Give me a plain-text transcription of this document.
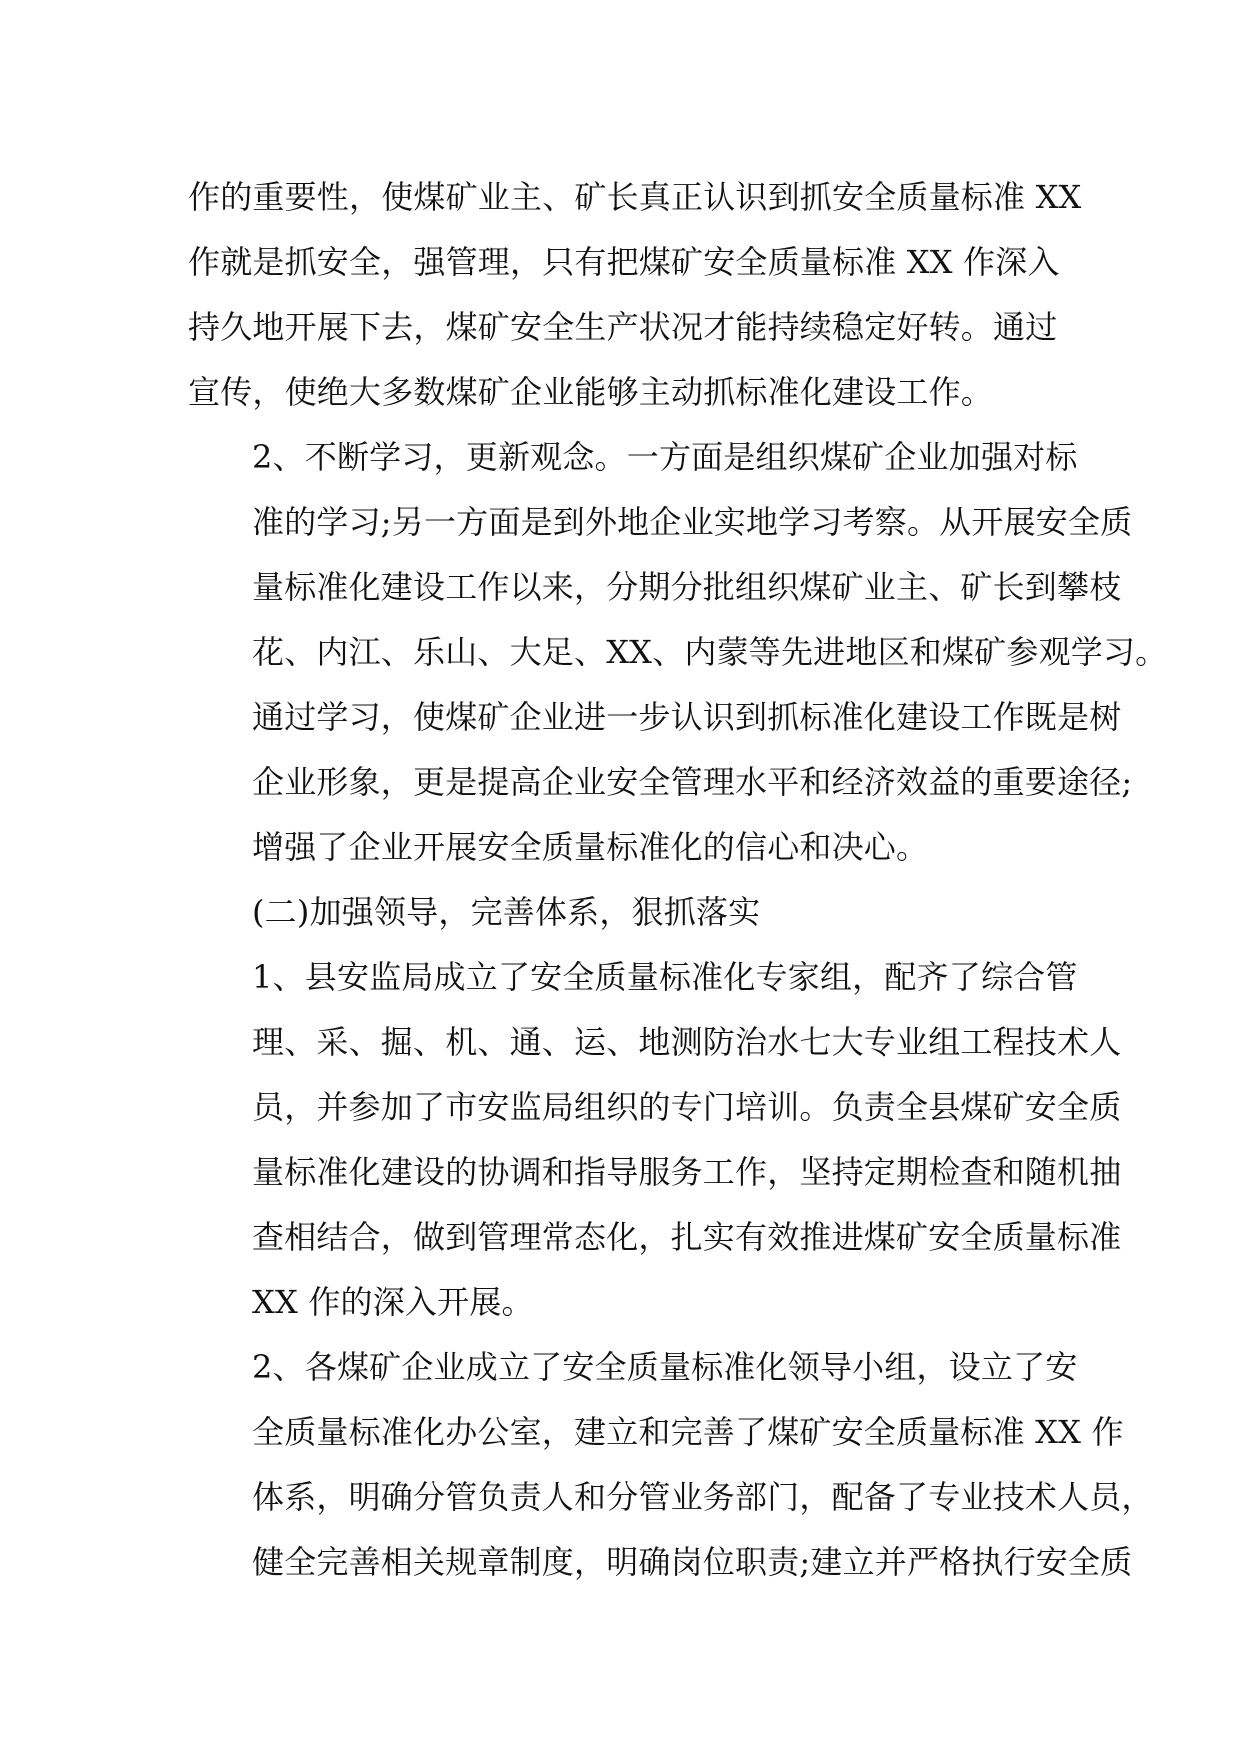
作的重要性，使煤矿业主、矿长真正认识到抓安全质量标准 XX
作就是抓安全，强管理，只有把煤矿安全质量标准 XX 作深入
持久地开展下去，煤矿安全生产状况才能持续稳定好转。通过
宣传，使绝大多数煤矿企业能够主动抓标准化建设工作。

2、不断学习，更新观念。一方面是组织煤矿企业加强对标
准的学习;另一方面是到外地企业实地学习考察。从开展安全质
量标准化建设工作以来，分期分批组织煤矿业主、矿长到攀枝
花、内江、乐山、大足、XX、内蒙等先进地区和煤矿参观学习。
通过学习，使煤矿企业进一步认识到抓标准化建设工作既是树
企业形象，更是提高企业安全管理水平和经济效益的重要途径;
增强了企业开展安全质量标准化的信心和决心。

(二)加强领导，完善体系，狠抓落实

1、县安监局成立了安全质量标准化专家组，配齐了综合管
理、采、掘、机、通、运、地测防治水七大专业组工程技术人
员，并参加了市安监局组织的专门培训。负责全县煤矿安全质
量标准化建设的协调和指导服务工作，坚持定期检查和随机抽
查相结合，做到管理常态化，扎实有效推进煤矿安全质量标准
XX 作的深入开展。

2、各煤矿企业成立了安全质量标准化领导小组，设立了安
全质量标准化办公室，建立和完善了煤矿安全质量标准 XX 作
体系，明确分管负责人和分管业务部门，配备了专业技术人员，
健全完善相关规章制度，明确岗位职责;建立并严格执行安全质
